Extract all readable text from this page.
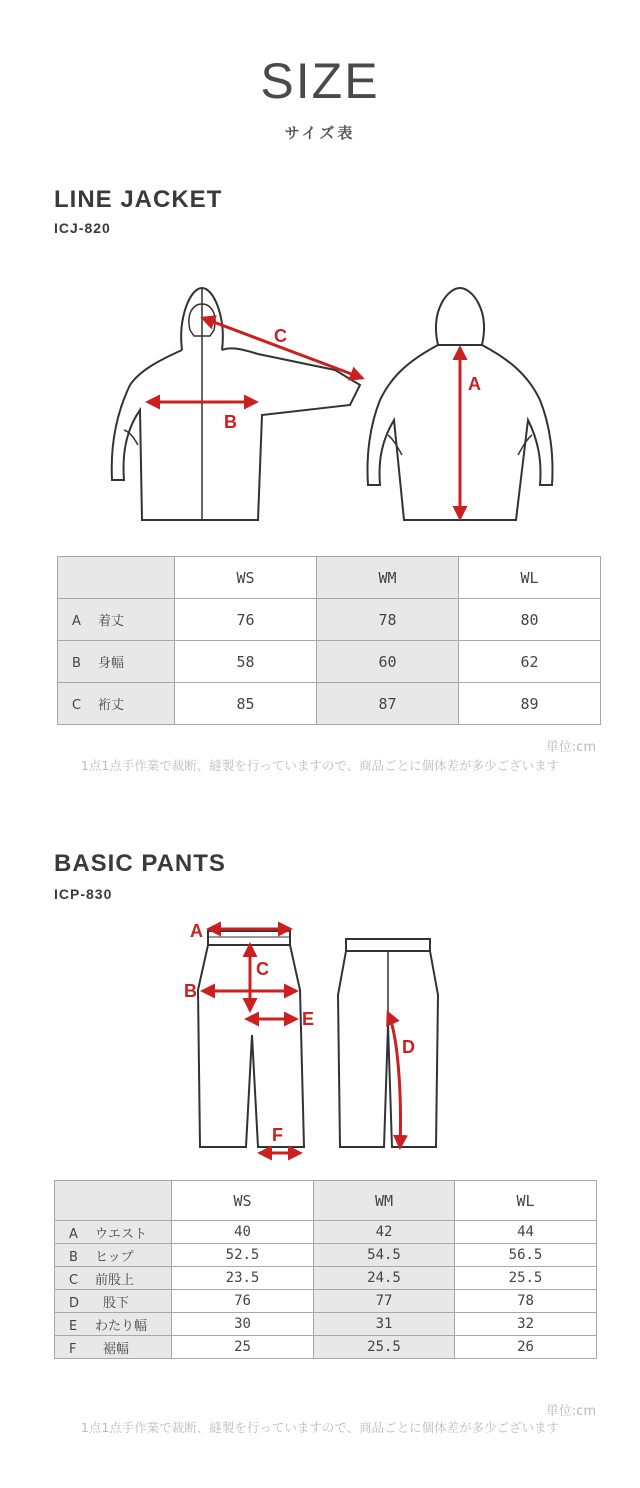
SIZE
サイズ表
LINE JACKET
ICJ-820
C
B
A
	WS	WM	WL
A 着丈	76	78	80
B 身幅	58	60	62
C 裄丈	85	87	89
単位:cm
1点1点手作業で裁断、縫製を行っていますので、商品ごとに個体差が多少ございます
BASIC PANTS
ICP-830
A
B
C
E
F
D
	WS	WM	WL
A ウエスト	40	42	44
B ヒップ	52.5	54.5	56.5
C 前股上	23.5	24.5	25.5
D 股下	76	77	78
E わたり幅	30	31	32
F 裾幅	25	25.5	26
単位:cm
1点1点手作業で裁断、縫製を行っていますので、商品ごとに個体差が多少ございます
